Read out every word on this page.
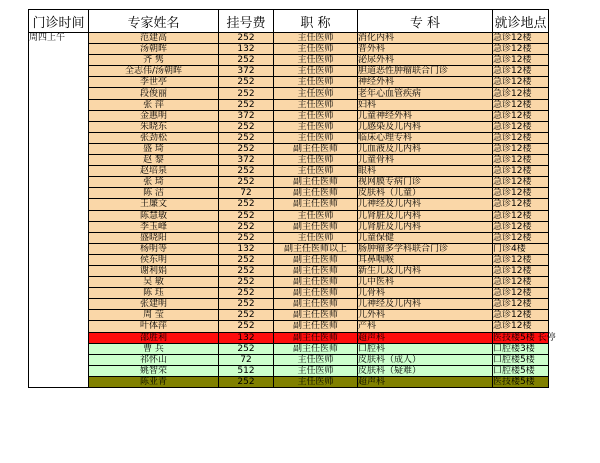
门诊时间	专家姓名	挂号费	职 称	专 科	就诊地点
周四上午	范建高	252	主任医师	消化内科	急诊12楼
	汤朝晖	132	主任医师	普外科	急诊12楼
	齐 隽	252	主任医师	泌尿外科	急诊12楼
	全志伟/汤朝晖	372	主任医师	胆道恶性肿瘤联合门诊	急诊12楼
	李世亭	252	主任医师	神经外科	急诊12楼
	段俊丽	252	主任医师	老年心血管疾病	急诊12楼
	张 萍	252	主任医师	妇科	急诊12楼
	金惠明	372	主任医师	儿童神经外科	急诊12楼
	朱晓东	252	主任医师	儿感染及儿内科	急诊12楼
	张劲松	252	主任医师	临床心理专科	急诊12楼
	盛 琦	252	副主任医师	儿血液及儿内科	急诊12楼
	赵 黎	372	主任医师	儿童骨科	急诊12楼
	赵培泉	252	主任医师	眼科	急诊12楼
	张 琦	252	副主任医师	视网膜专病门诊	急诊12楼
	陈 洁	72	副主任医师	皮肤科（儿童）	急诊12楼
	王廉文	252	副主任医师	儿神经及儿内科	急诊12楼
	陈慧敏	252	主任医师	儿肾脏及儿内科	急诊12楼
	李玉峰	252	副主任医师	儿肾脏及儿内科	急诊12楼
	盛晓阳	252	主任医师	儿童保健	急诊12楼
	杨明等	132	副主任医师以上	肠肿瘤多学科联合门诊	门诊4楼
	侯东明	252	副主任医师	耳鼻咽喉	急诊12楼
	谢利娟	252	副主任医师	新生儿及儿内科	急诊12楼
	吴 敏	252	副主任医师	儿中医科	急诊12楼
	陈 珏	252	副主任医师	儿骨科	急诊12楼
	张建明	252	副主任医师	儿神经及儿内科	急诊12楼
	周 莹	252	副主任医师	儿外科	急诊12楼
	叶体萍	252	副主任医师	产科	急诊12楼
	邵胜利	132	副主任医师	超声科	医技楼5楼 长停
	曹 兵	252	副主任医师	口腔科	口腔楼3楼
	祁怀山	72	主任医师	皮肤科（成人）	口腔楼5楼
	姚智荣	512	主任医师	皮肤科（疑难）	口腔楼5楼
	陈亚青	252	主任医师	超声科	医技楼5楼
